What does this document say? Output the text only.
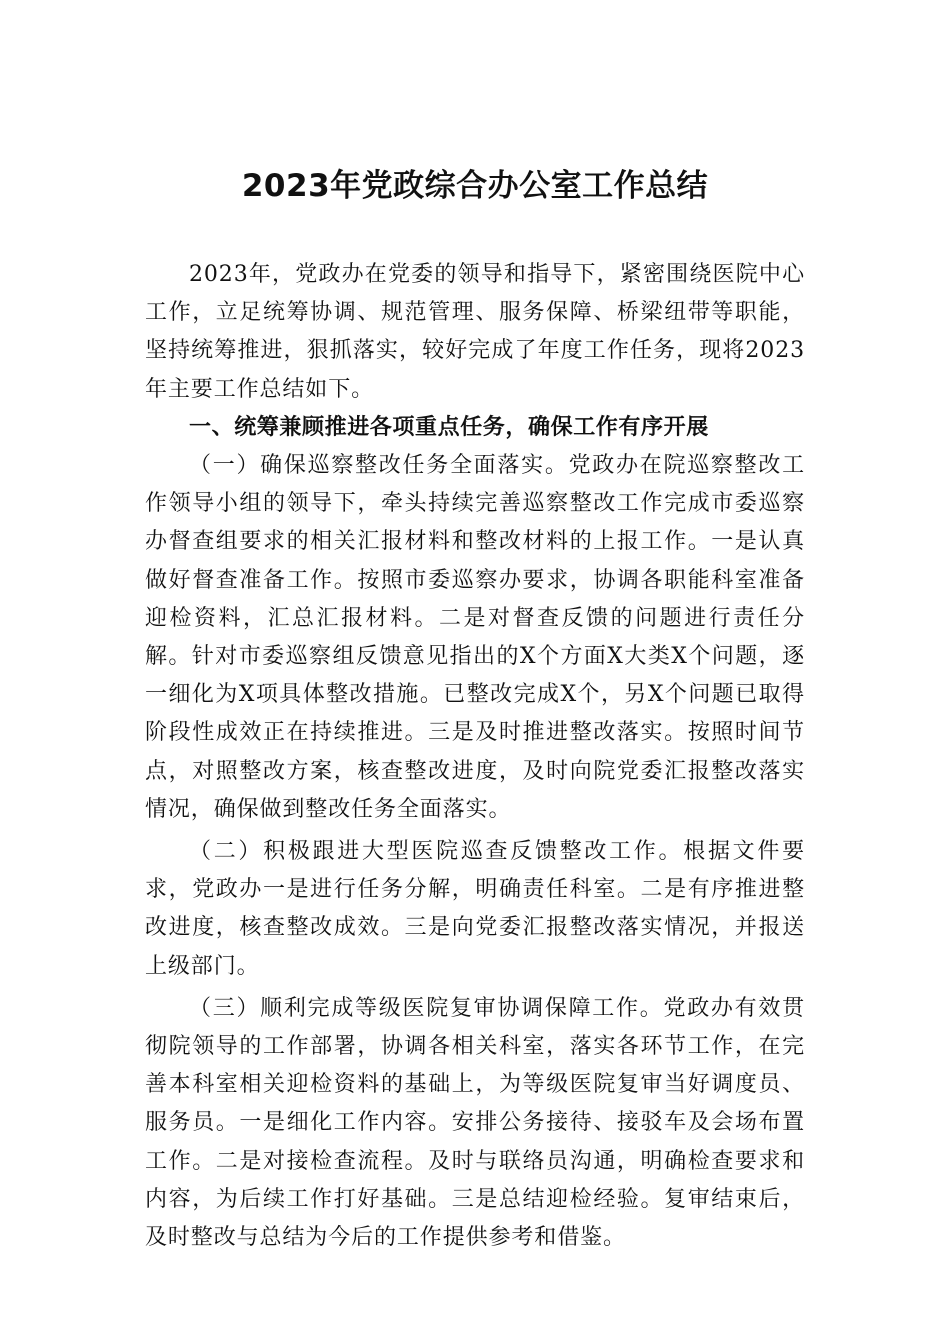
2023年党政综合办公室工作总结

2023年，党政办在党委的领导和指导下，紧密围绕医院中心工作，立足统筹协调、规范管理、服务保障、桥梁纽带等职能，坚持统筹推进，狠抓落实，较好完成了年度工作任务，现将2023年主要工作总结如下。

一、统筹兼顾推进各项重点任务，确保工作有序开展

（一）确保巡察整改任务全面落实。党政办在院巡察整改工作领导小组的领导下，牵头持续完善巡察整改工作完成市委巡察办督查组要求的相关汇报材料和整改材料的上报工作。一是认真做好督查准备工作。按照市委巡察办要求，协调各职能科室准备迎检资料，汇总汇报材料。二是对督查反馈的问题进行责任分解。针对市委巡察组反馈意见指出的X个方面X大类X个问题，逐一细化为X项具体整改措施。已整改完成X个，另X个问题已取得阶段性成效正在持续推进。三是及时推进整改落实。按照时间节点，对照整改方案，核查整改进度，及时向院党委汇报整改落实情况，确保做到整改任务全面落实。

（二）积极跟进大型医院巡查反馈整改工作。根据文件要求，党政办一是进行任务分解，明确责任科室。二是有序推进整改进度，核查整改成效。三是向党委汇报整改落实情况，并报送上级部门。

（三）顺利完成等级医院复审协调保障工作。党政办有效贯彻院领导的工作部署，协调各相关科室，落实各环节工作，在完善本科室相关迎检资料的基础上，为等级医院复审当好调度员、服务员。一是细化工作内容。安排公务接待、接驳车及会场布置工作。二是对接检查流程。及时与联络员沟通，明确检查要求和内容，为后续工作打好基础。三是总结迎检经验。复审结束后，及时整改与总结为今后的工作提供参考和借鉴。
